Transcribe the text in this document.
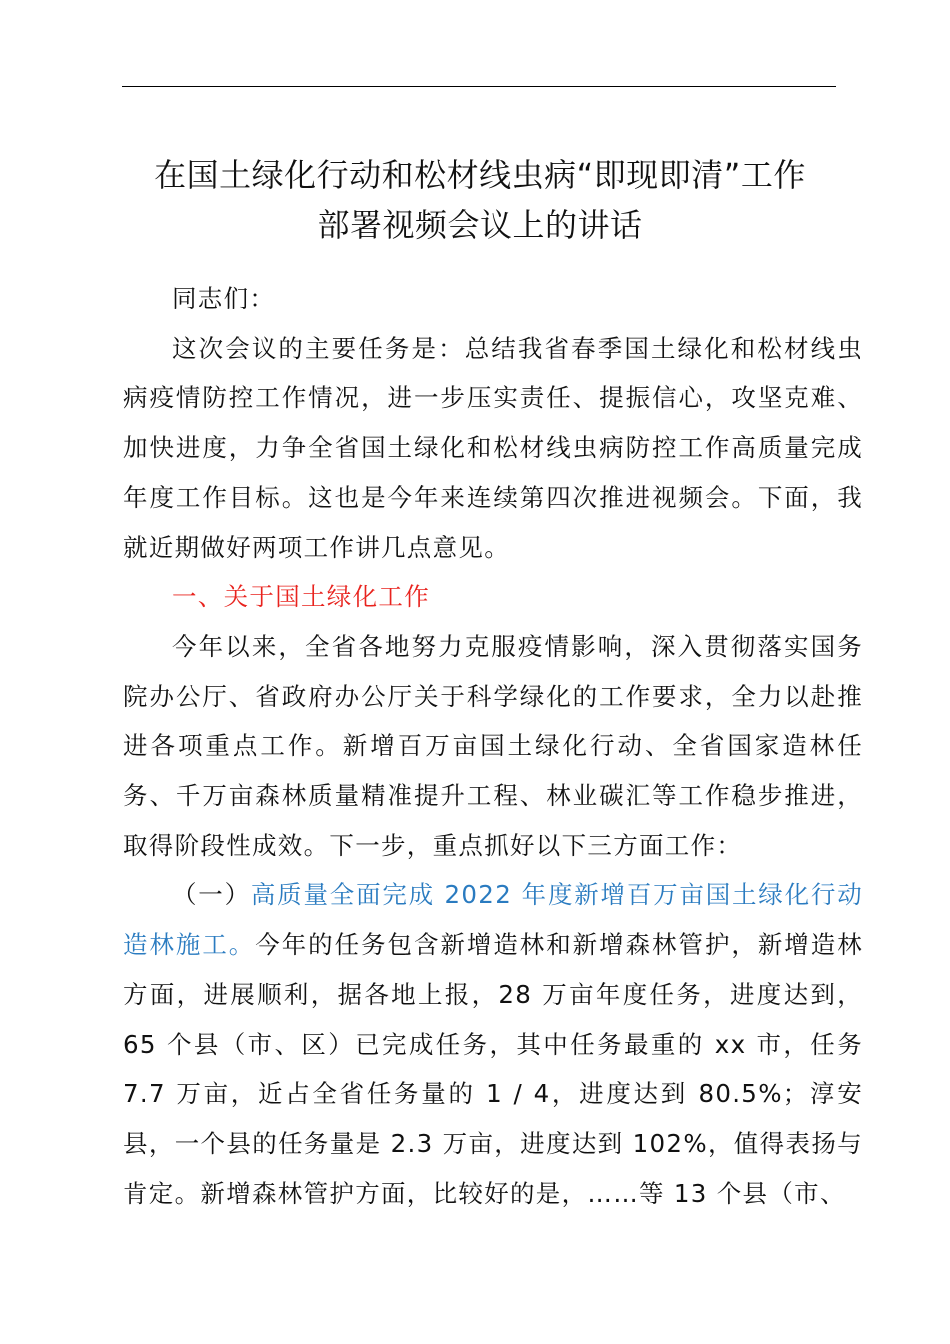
在国土绿化行动和松材线虫病“即现即清”工作
部署视频会议上的讲话

同志们：

这次会议的主要任务是：总结我省春季国土绿化和松材线虫病疫情防控工作情况，进一步压实责任、提振信心，攻坚克难、加快进度，力争全省国土绿化和松材线虫病防控工作高质量完成年度工作目标。这也是今年来连续第四次推进视频会。下面，我就近期做好两项工作讲几点意见。

一、关于国土绿化工作

今年以来，全省各地努力克服疫情影响，深入贯彻落实国务院办公厅、省政府办公厅关于科学绿化的工作要求，全力以赴推进各项重点工作。新增百万亩国土绿化行动、全省国家造林任务、千万亩森林质量精准提升工程、林业碳汇等工作稳步推进，取得阶段性成效。下一步，重点抓好以下三方面工作：

（一）高质量全面完成 2022 年度新增百万亩国土绿化行动造林施工。今年的任务包含新增造林和新增森林管护，新增造林方面，进展顺利，据各地上报，28 万亩年度任务，进度达到，65 个县（市、区）已完成任务，其中任务最重的 xx 市，任务 7.7 万亩，近占全省任务量的 1 / 4，进度达到 80.5%；淳安县，一个县的任务量是 2.3 万亩，进度达到 102%，值得表扬与肯定。新增森林管护方面，比较好的是，……等 13 个县（市、
